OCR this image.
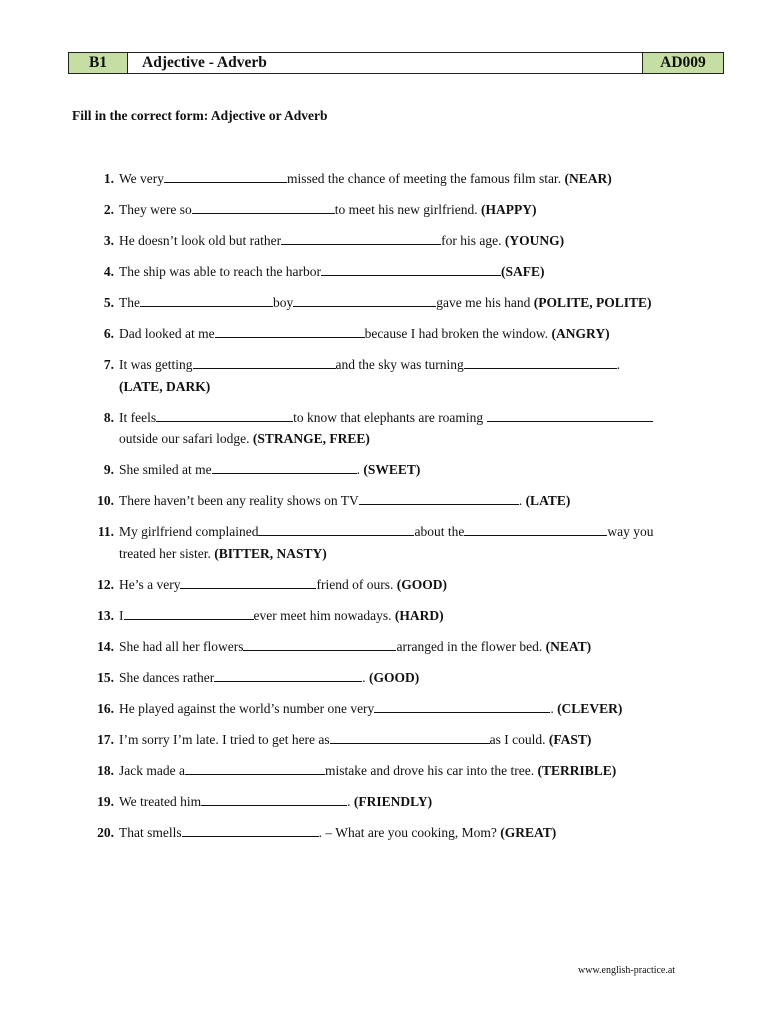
B1	Adjective - Adverb	AD009
Fill in the correct form: Adjective or Adverb
1. We very	missed the chance of meeting the famous film star. (NEAR)
2. They were so	to meet his new girlfriend. (HAPPY)
3. He doesn’t look old but rather	for his age. (YOUNG)
4. The ship was able to reach the harbor	(SAFE)
5. The	boy	gave me his hand (POLITE, POLITE)
6. Dad looked at me	because I had broken the window. (ANGRY)
7. It was getting	and the sky was turning	.
(LATE, DARK)
8. It feels	to know that elephants are roaming
outside our safari lodge. (STRANGE, FREE)
9. She smiled at me	. (SWEET)
10. There haven’t been any reality shows on TV	. (LATE)
11. My girlfriend complained	about the	way you
treated her sister. (BITTER, NASTY)
12. He’s a very	friend of ours. (GOOD)
13. I	ever meet him nowadays. (HARD)
14. She had all her flowers	arranged in the flower bed. (NEAT)
15. She dances rather	. (GOOD)
16. He played against the world’s number one very	. (CLEVER)
17. I’m sorry I’m late. I tried to get here as	as I could. (FAST)
18. Jack made a	mistake and drove his car into the tree. (TERRIBLE)
19. We treated him	. (FRIENDLY)
20. That smells	. – What are you cooking, Mom? (GREAT)
www.english-practice.at
